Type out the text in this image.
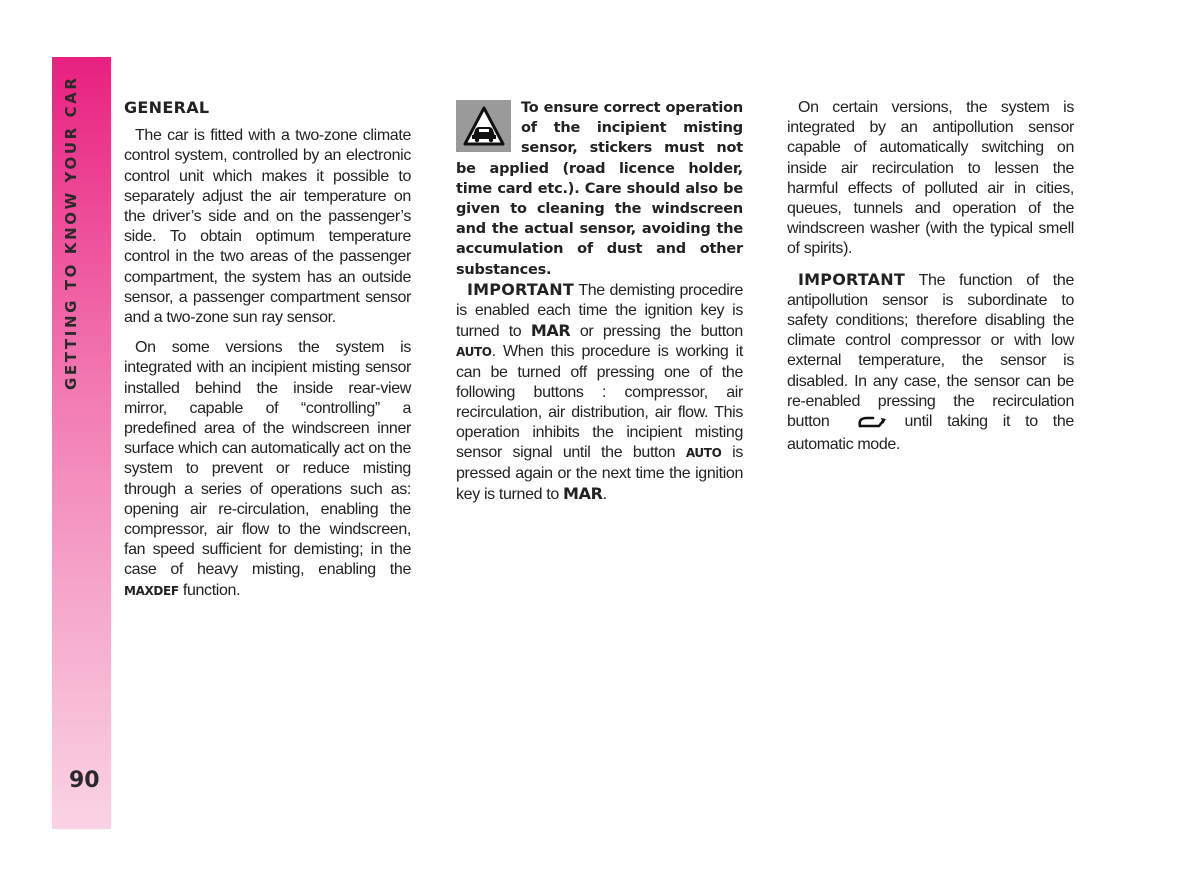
GETTING TO KNOW YOUR CAR
90
GENERAL

The car is fitted with a two-zone climate control system, controlled by an electronic control unit which makes it possible to separately adjust the air temperature on the driver’s side and on the passenger’s side. To obtain optimum temperature control in the two areas of the passenger compartment, the system has an outside sensor, a passenger compartment sensor and a two-zone sun ray sensor.

On some versions the system is integrated with an incipient misting sensor installed behind the inside rear-view mirror, capable of “controlling” a predefined area of the windscreen inner surface which can automatically act on the system to prevent or reduce misting through a series of operations such as: opening air re-circulation, enabling the compressor, air flow to the windscreen, fan speed sufficient for demisting; in the case of heavy misting, enabling the MAXDEF function.

To ensure correct operation of the incipient misting sensor, stickers must not be applied (road licence holder, time card etc.). Care should also be given to cleaning the windscreen and the actual sensor, avoiding the accumulation of dust and other substances.

IMPORTANT The demisting procedire is enabled each time the ignition key is turned to MAR or pressing the button AUTO. When this procedure is working it can be turned off pressing one of the following buttons : compressor, air recirculation, air distribution, air flow. This operation inhibits the incipient misting sensor signal until the button AUTO is pressed again or the next time the ignition key is turned to MAR.

On certain versions, the system is integrated by an antipollution sensor capable of automatically switching on inside air recirculation to lessen the harmful effects of polluted air in cities, queues, tunnels and operation of the windscreen washer (with the typical smell of spirits).

IMPORTANT The function of the antipollution sensor is subordinate to safety conditions; therefore disabling the climate control compressor or with low external temperature, the sensor is disabled. In any case, the sensor can be re-enabled pressing the recirculation button	until taking it to the automatic mode.
